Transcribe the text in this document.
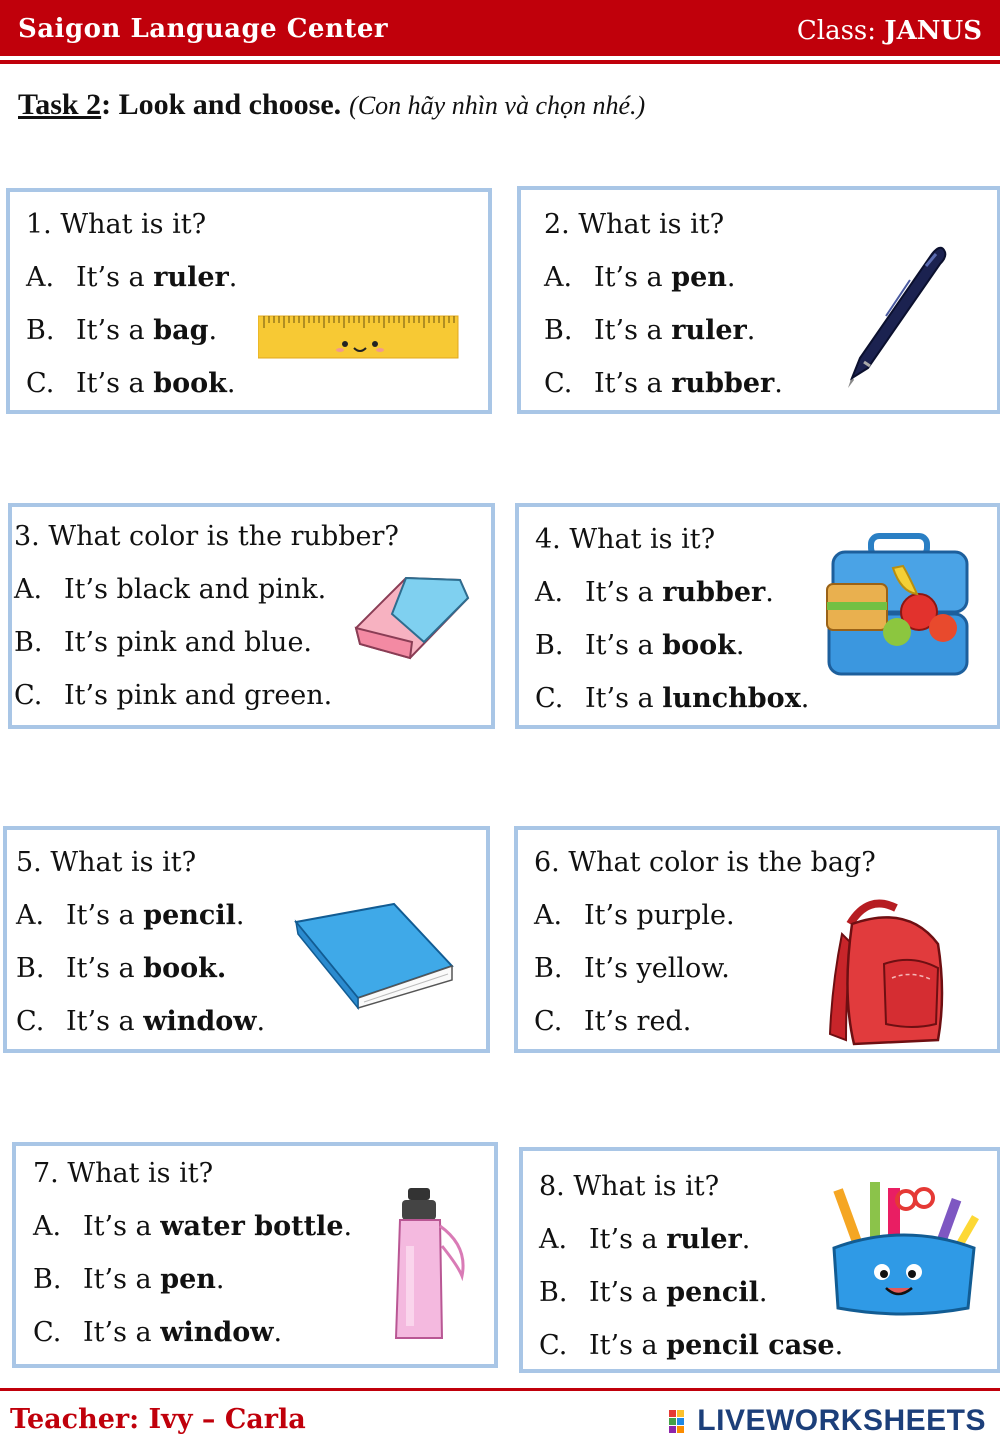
Saigon Language Center	Class: JANUS
Task 2: Look and choose. (Con hãy nhìn và chọn nhé.)
1. What is it?
A. It’s a ruler.
B. It’s a bag.
C. It’s a book.
2. What is it?
A. It’s a pen.
B. It’s a ruler.
C. It’s a rubber.
3. What color is the rubber?
A. It’s black and pink.
B. It’s pink and blue.
C. It’s pink and green.
4. What is it?
A. It’s a rubber.
B. It’s a book.
C. It’s a lunchbox.
5. What is it?
A. It’s a pencil.
B. It’s a book.
C. It’s a window.
6. What color is the bag?
A. It’s purple.
B. It’s yellow.
C. It’s red.
7. What is it?
A. It’s a water bottle.
B. It’s a pen.
C. It’s a window.
8. What is it?
A. It’s a ruler.
B. It’s a pencil.
C. It’s a pencil case.
Teacher: Ivy – Carla	LIVEWORKSHEETS
